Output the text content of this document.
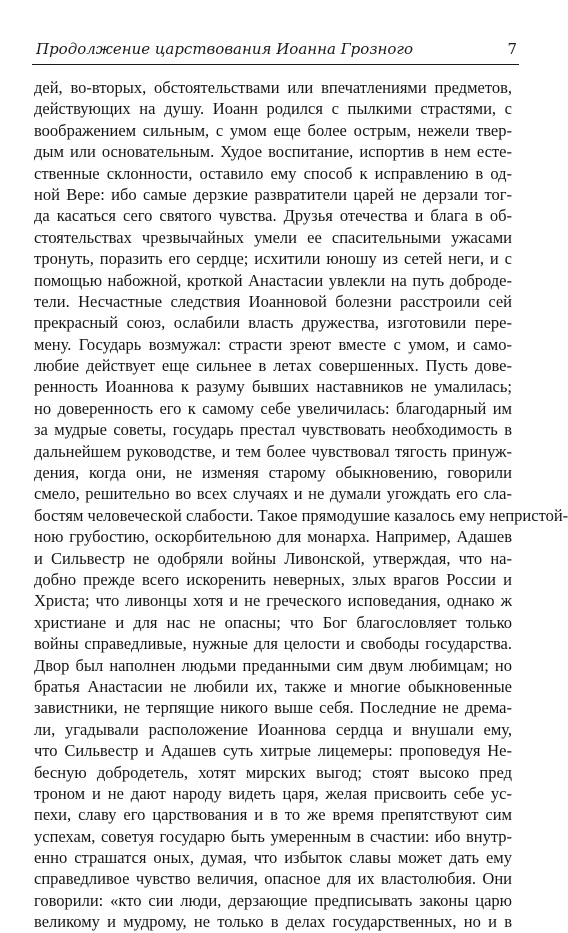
Продолжение царствования Иоанна Грозного	7
дей, во-вторых, обстоятельствами или впечатлениями предметов,
действующих на душу. Иоанн родился с пылкими страстями, с
воображением сильным, с умом еще более острым, нежели твер-
дым или основательным. Худое воспитание, испортив в нем есте-
ственные склонности, оставило ему способ к исправлению в од-
ной Вере: ибо самые дерзкие развратители царей не дерзали тог-
да касаться сего святого чувства. Друзья отечества и блага в об-
стоятельствах чрезвычайных умели ее спасительными ужасами
тронуть, поразить его сердце; исхитили юношу из сетей неги, и с
помощью набожной, кроткой Анастасии увлекли на путь доброде-
тели. Несчастные следствия Иоанновой болезни расстроили сей
прекрасный союз, ослабили власть дружества, изготовили пере-
мену. Государь возмужал: страсти зреют вместе с умом, и само-
любие действует еще сильнее в летах совершенных. Пусть дове-
ренность Иоаннова к разуму бывших наставников не умалилась;
но доверенность его к самому себе увеличилась: благодарный им
за мудрые советы, государь престал чувствовать необходимость в
дальнейшем руководстве, и тем более чувствовал тягость принуж-
дения, когда они, не изменяя старому обыкновению, говорили
смело, решительно во всех случаях и не думали угождать его сла-
бостям человеческой слабости. Такое прямодушие казалось ему непристой-
ною грубостию, оскорбительною для монарха. Например, Адашев
и Сильвестр не одобряли войны Ливонской, утверждая, что на-
добно прежде всего искоренить неверных, злых врагов России и
Христа; что ливонцы хотя и не греческого исповедания, однако ж
христиане и для нас не опасны; что Бог благословляет только
войны справедливые, нужные для целости и свободы государства.
Двор был наполнен людьми преданными сим двум любимцам; но
братья Анастасии не любили их, также и многие обыкновенные
завистники, не терпящие никого выше себя. Последние не дрема-
ли, угадывали расположение Иоаннова сердца и внушали ему,
что Сильвестр и Адашев суть хитрые лицемеры: проповедуя Не-
бесную добродетель, хотят мирских выгод; стоят высоко пред
троном и не дают народу видеть царя, желая присвоить себе ус-
пехи, славу его царствования и в то же время препятствуют сим
успехам, советуя государю быть умеренным в счастии: ибо внутр-
енно страшатся оных, думая, что избыток славы может дать ему
справедливое чувство величия, опасное для их властолюбия. Они
говорили: «кто сии люди, дерзающие предписывать законы царю
великому и мудрому, не только в делах государственных, но и в
